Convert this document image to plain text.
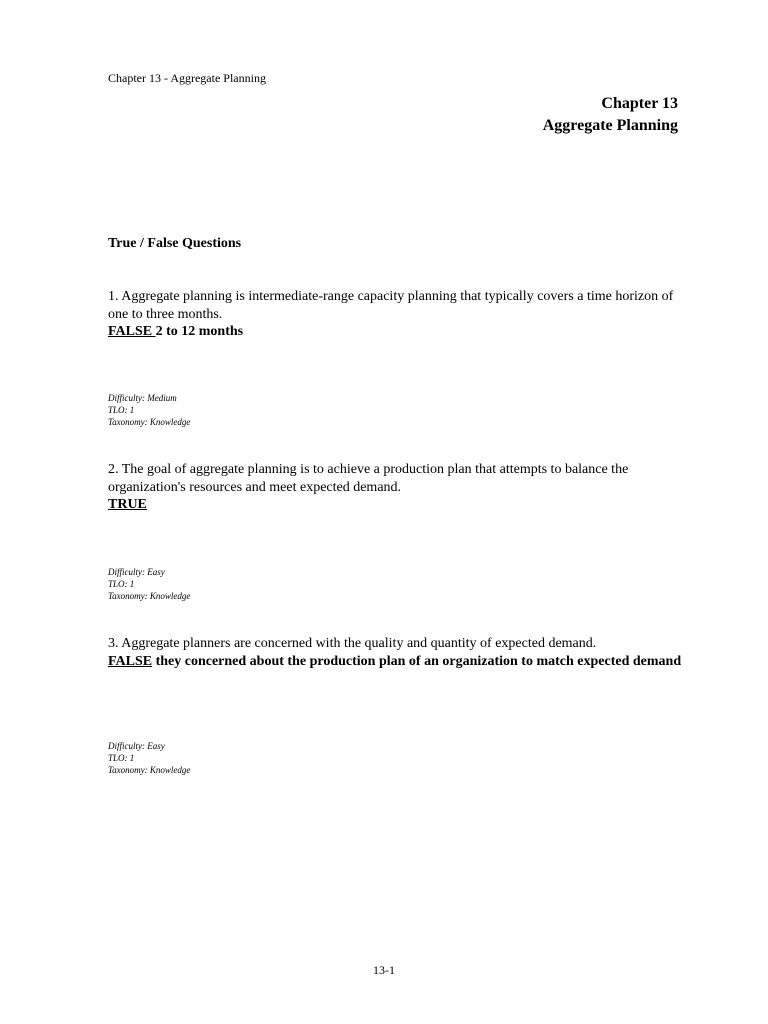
Chapter 13 - Aggregate Planning
Chapter 13
Aggregate Planning
True / False Questions

1. Aggregate planning is intermediate-range capacity planning that typically covers a time horizon of one to three months.

FALSE 2 to 12 months

Difficulty: Medium
TLO: 1
Taxonomy: Knowledge

2. The goal of aggregate planning is to achieve a production plan that attempts to balance the organization's resources and meet expected demand.

TRUE

Difficulty: Easy
TLO: 1
Taxonomy: Knowledge

3. Aggregate planners are concerned with the quality and quantity of expected demand.

FALSE they concerned about the production plan of an organization to match expected demand

Difficulty: Easy
TLO: 1
Taxonomy: Knowledge
13-1
